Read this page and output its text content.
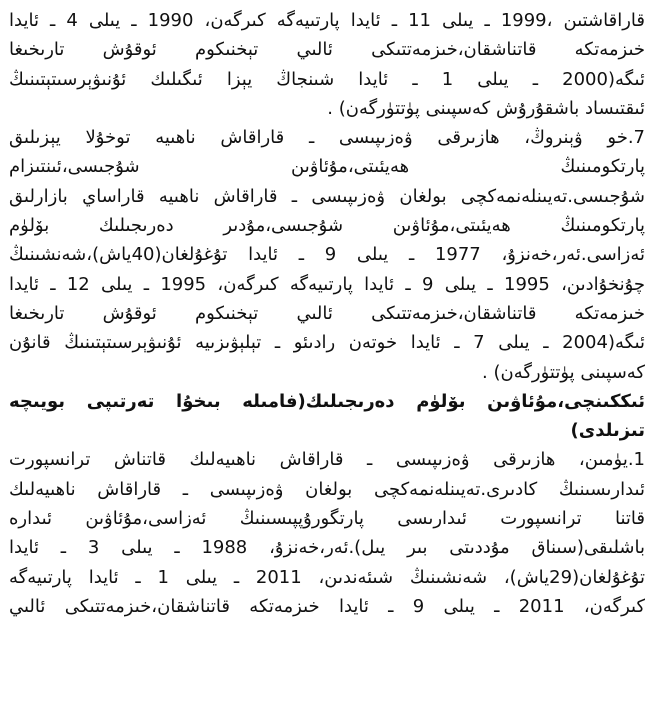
قاراقاشتىن ،1999 ـ يىلى 11 ـ ئايدا پارتىيەگە كىرگەن، 1990 ـ يىلى 4 ـ ئايدا
خىزمەتكە قاتناشقان،خىزمەتتىكى ئالىي تېخنىكوم ئوقۇش تارىخىغا
ئىگە(2000 ـ يىلى 1 ـ ئايدا شىنجاڭ يېزا ئىگىلىك ئۇنىۋېرسىتېتىنىڭ
ئىقتىساد باشقۇرۇش كەسپىنى پۈتتۈرگەن) .
7.خو ۋېنروڭ، ھازىرقى ۋەزىپىسى ـ قاراقاش ناھىيە توخۇلا يېزىلىق
پارتكومىنىڭ ھەيئىتى،مۇئاۋىن شۇجىسى،ئىنتىزام
شۇجىسى.تەيىنلەنمەكچى بولغان ۋەزىپىسى ـ قاراقاش ناھىيە قاراساي بازارلىق
پارتكومىنىڭ ھەيئىتى،مۇئاۋىن شۇجىسى،مۇدىر دەرىجىلىك بۆلۈم
ئەزاسى.ئەر،خەنزۇ، 1977 ـ يىلى 9 ـ ئايدا تۇغۇلغان(40ياش)،شەنشىنىڭ
چۇنخۇادىن، 1995 ـ يىلى 9 ـ ئايدا پارتىيەگە كىرگەن، 1995 ـ يىلى 12 ـ ئايدا
خىزمەتكە قاتناشقان،خىزمەتتىكى ئالىي تېخنىكوم ئوقۇش تارىخىغا
ئىگە(2004 ـ يىلى 7 ـ ئايدا خوتەن رادىئو ـ تېلېۋىزىيە ئۇنىۋېرسىتېتىنىڭ قانۇن
كەسپىنى پۈتتۈرگەن) .
ئىككىنچى،مۇئاۋىن بۆلۈم دەرىجىلىك(فامىلە بىخۇا تەرتىپى بويىچە
تىزىلدى)
1.يۈمىن، ھازىرقى ۋەزىپىسى ـ قاراقاش ناھىيەلىك قاتناش ترانسپورت
ئىدارىسىنىڭ كادىرى.تەيىنلەنمەكچى بولغان ۋەزىپىسى ـ قاراقاش ناھىيەلىك
قاتنا ترانسپورت ئىدارىسى پارتگورۇپپىسىنىڭ ئەزاسى،مۇئاۋىن ئىدارە
باشلىقى(سىناق مۇددىتى بىر يىل).ئەر،خەنزۇ، 1988 ـ يىلى 3 ـ ئايدا
تۇغۇلغان(29ياش)، شەنشىنىڭ شىئەندىن، 2011 ـ يىلى 1 ـ ئايدا پارتىيەگە
كىرگەن، 2011 ـ يىلى 9 ـ ئايدا خىزمەتكە قاتناشقان،خىزمەتتىكى ئالىي
